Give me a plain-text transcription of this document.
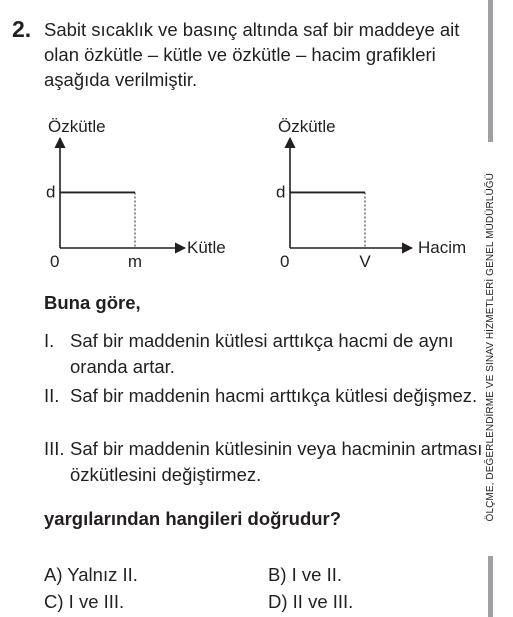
2. Sabit sıcaklık ve basınç altında saf bir maddeye ait olan özkütle – kütle ve özkütle – hacim grafikleri aşağıda verilmiştir.
Özkütle
Kütle
0
d
m
Özkütle
Hacim
0
d
V
Buna göre,
I. Saf bir maddenin kütlesi arttıkça hacmi de aynı oranda artar.
II. Saf bir maddenin hacmi arttıkça kütlesi değişmez.
III. Saf bir maddenin kütlesinin veya hacminin artması özkütlesini değiştirmez.
yargılarından hangileri doğrudur?
A) Yalnız II.	B) I ve II.
C) I ve III.	D) II ve III.
ÖLÇME, DEĞERLENDİRME VE SINAV HİZMETLERİ GENEL MÜDÜRLÜĞÜ
